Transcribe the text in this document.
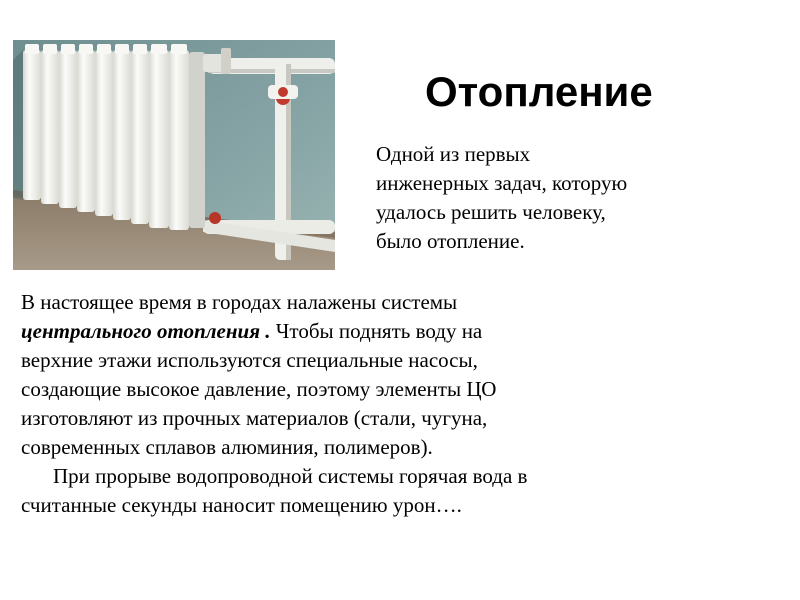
Отопление
Одной из первых
инженерных задач, которую
удалось решить человеку,
было отопление.
В настоящее время в городах налажены системы
центрального отопления . Чтобы поднять воду на
верхние этажи используются специальные насосы,
создающие высокое давление, поэтому элементы ЦО
изготовляют из прочных материалов (стали, чугуна,
современных сплавов алюминия, полимеров).
При прорыве водопроводной системы горячая вода в
считанные секунды наносит помещению урон….
